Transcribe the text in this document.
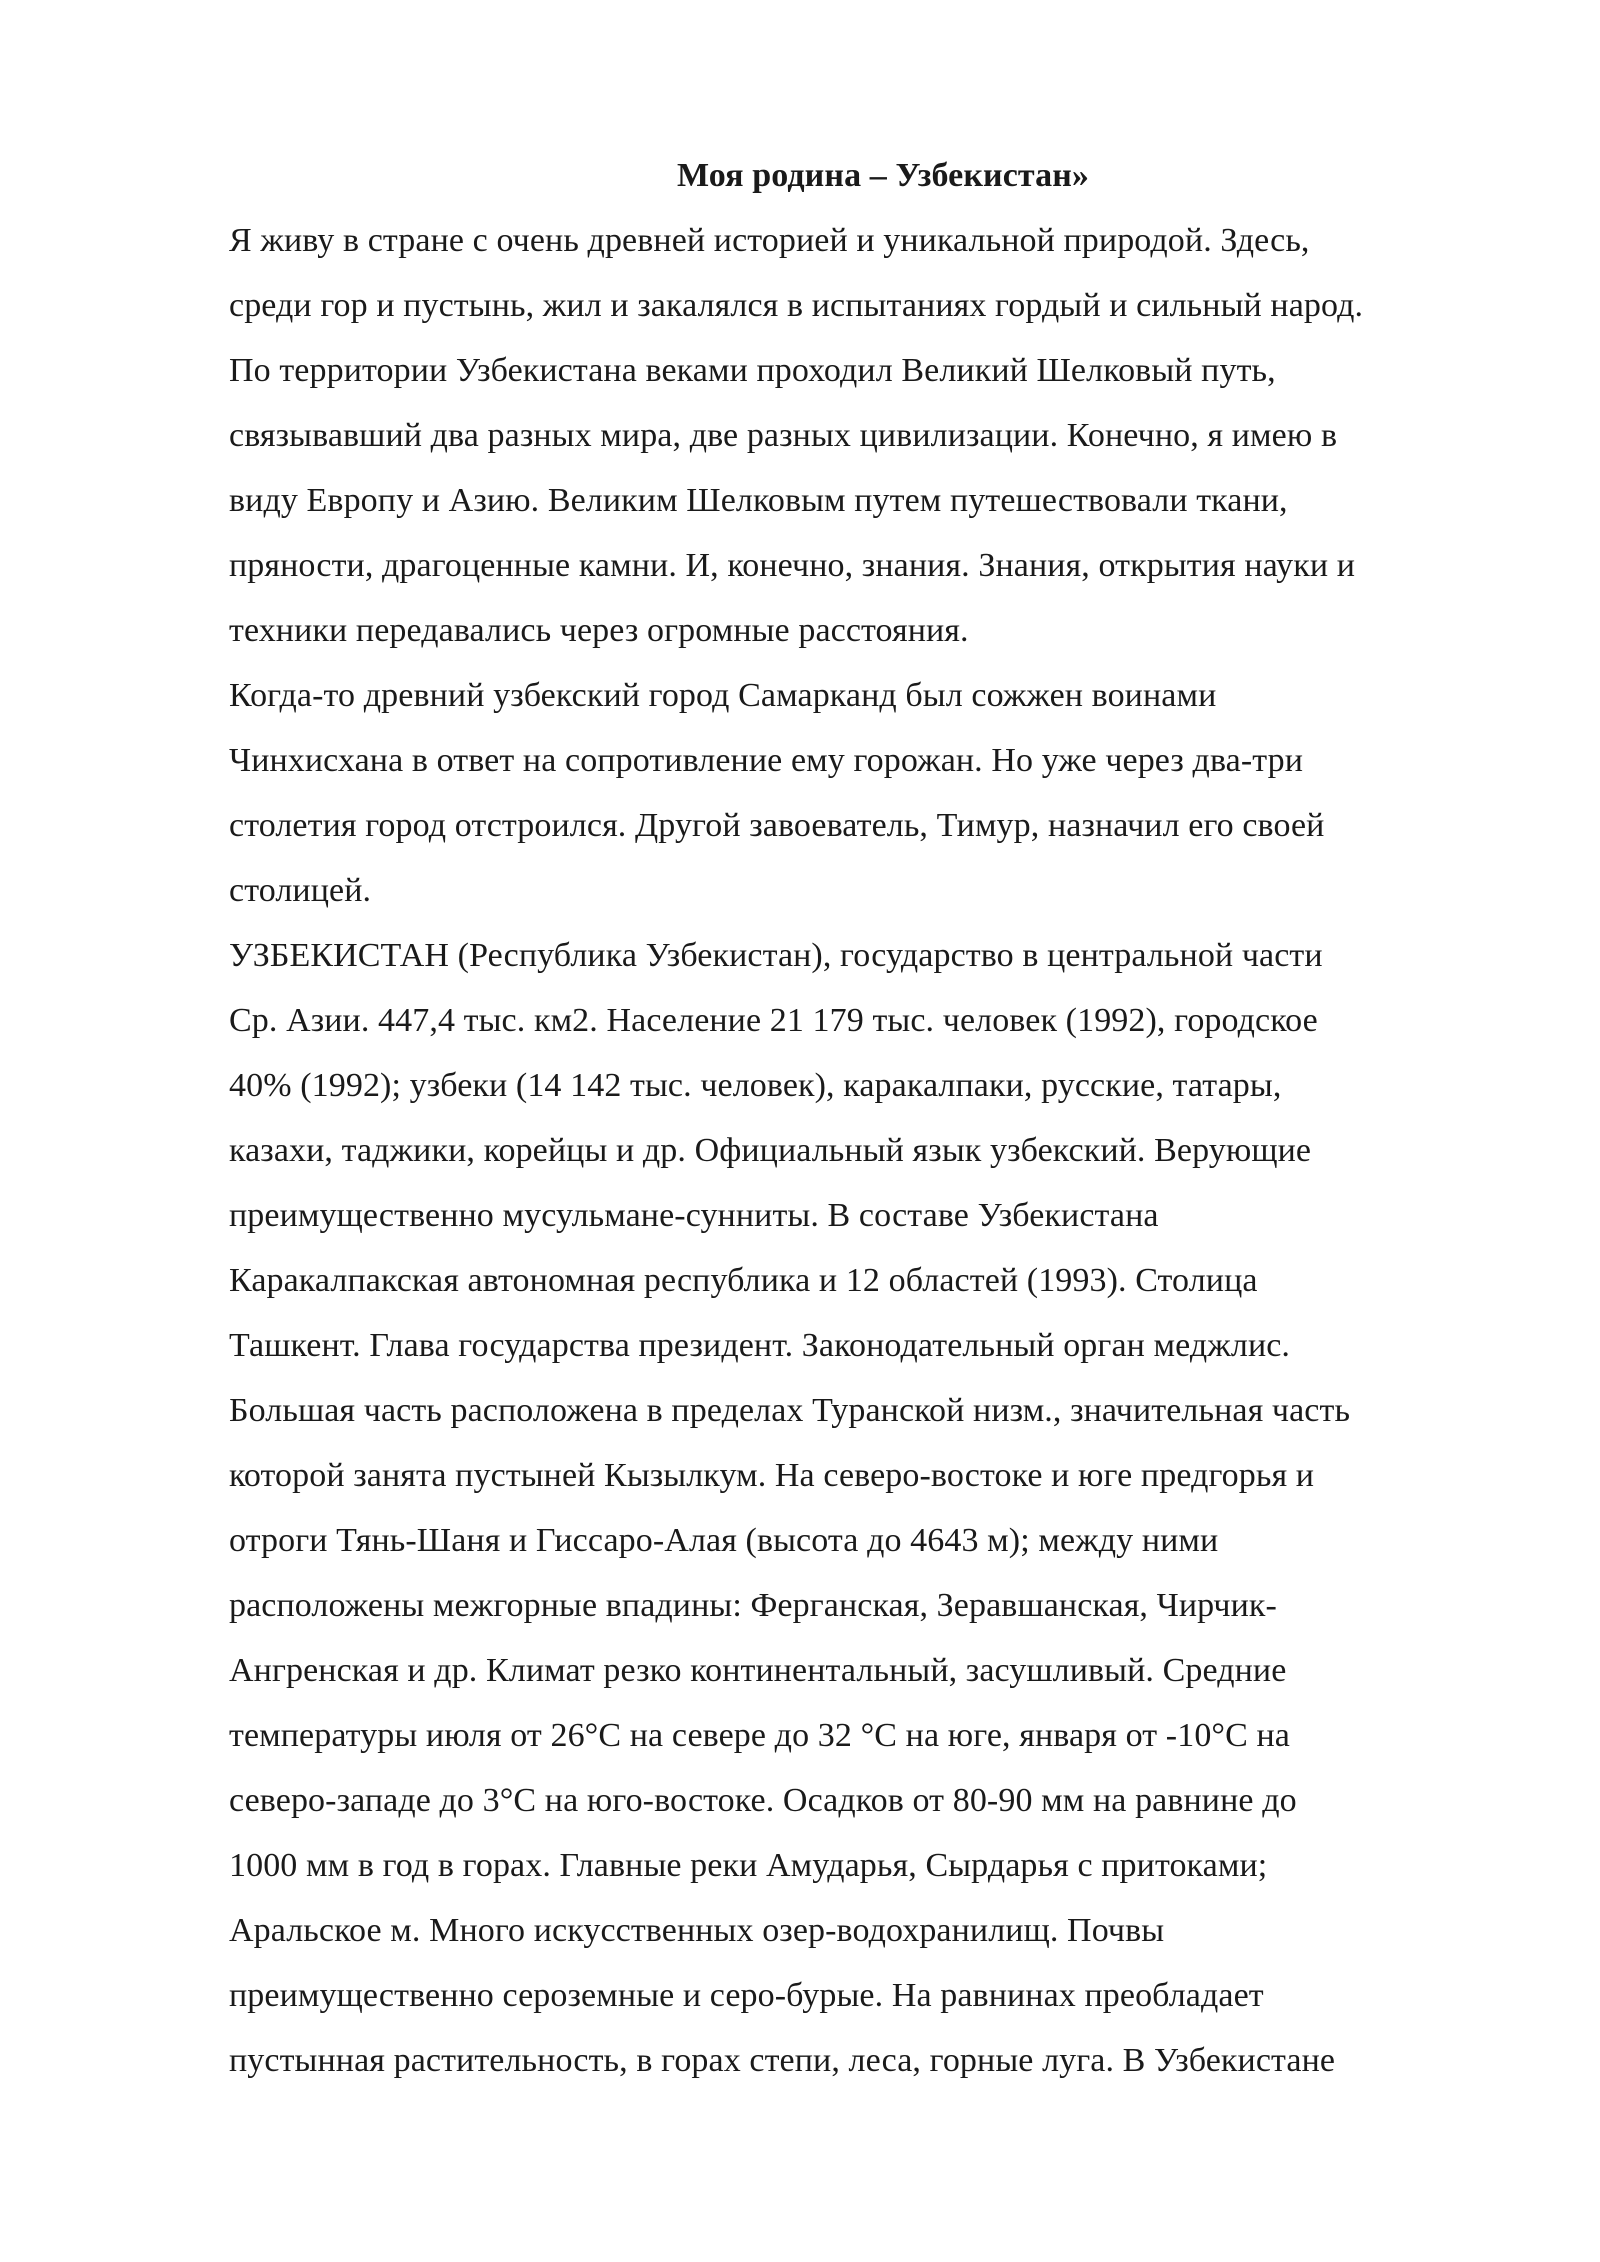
Моя родина – Узбекистан»
Я живу в стране с очень древней историей и уникальной природой. Здесь,
среди гор и пустынь, жил и закалялся в испытаниях гордый и сильный народ.
По территории Узбекистана веками проходил Великий Шелковый путь,
связывавший два разных мира, две разных цивилизации. Конечно, я имею в
виду Европу и Азию. Великим Шелковым путем путешествовали ткани,
пряности, драгоценные камни. И, конечно, знания. Знания, открытия науки и
техники передавались через огромные расстояния.
Когда-то древний узбекский город Самарканд был сожжен воинами
Чинхисхана в ответ на сопротивление ему горожан. Но уже через два-три
столетия город отстроился. Другой завоеватель, Тимур, назначил его своей
столицей.
УЗБЕКИСТАН (Республика Узбекистан), государство в центральной части
Ср. Азии. 447,4 тыс. км2. Население 21 179 тыс. человек (1992), городское
40% (1992); узбеки (14 142 тыс. человек), каракалпаки, русские, татары,
казахи, таджики, корейцы и др. Официальный язык узбекский. Верующие
преимущественно мусульмане-сунниты. В составе Узбекистана
Каракалпакская автономная республика и 12 областей (1993). Столица
Ташкент. Глава государства президент. Законодательный орган меджлис.
Большая часть расположена в пределах Туранской низм., значительная часть
которой занята пустыней Кызылкум. На северо-востоке и юге предгорья и
отроги Тянь-Шаня и Гиссаро-Алая (высота до 4643 м); между ними
расположены межгорные впадины: Ферганская, Зеравшанская, Чирчик-
Ангренская и др. Климат резко континентальный, засушливый. Средние
температуры июля от 26°С на севере до 32 °С на юге, января от -10°С на
северо-западе до 3°С на юго-востоке. Осадков от 80-90 мм на равнине до
1000 мм в год в горах. Главные реки Амударья, Сырдарья с притоками;
Аральское м. Много искусственных озер-водохранилищ. Почвы
преимущественно сероземные и серо-бурые. На равнинах преобладает
пустынная растительность, в горах степи, леса, горные луга. В Узбекистане
